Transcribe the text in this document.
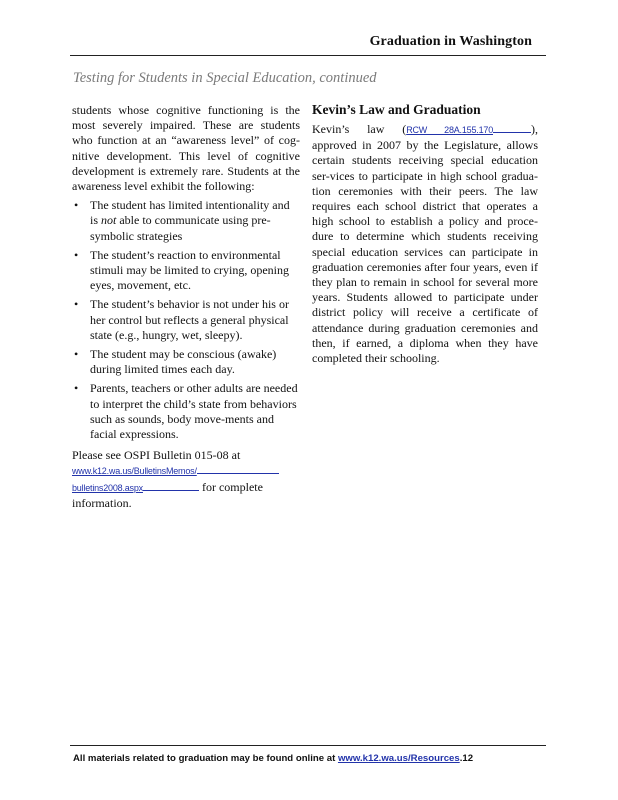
Graduation in Washington
Testing for Students in Special Education, continued

students whose cognitive functioning is the most severely impaired. These are students who function at an “awareness level” of cog-nitive development. This level of cognitive development is extremely rare. Students at the awareness level exhibit the following:

• The student has limited intentionality and is not able to communicate using pre-symbolic strategies
• The student’s reaction to environmental stimuli may be limited to crying, opening eyes, movement, etc.
• The student’s behavior is not under his or her control but reflects a general physical state (e.g., hungry, wet, sleepy).
• The student may be conscious (awake) during limited times each day.
• Parents, teachers or other adults are needed to interpret the child’s state from behaviors such as sounds, body move-ments and facial expressions.

Please see OSPI Bulletin 015-08 at
www.k12.wa.us/BulletinsMemos/
bulletins2008.aspx	for complete information.

Kevin’s Law and Graduation

Kevin’s law (RCW 28A.155.170	), approved in 2007 by the Legislature, allows certain students receiving special education ser-vices to participate in high school gradua-tion ceremonies with their peers. The law requires each school district that operates a high school to establish a policy and proce-dure to determine which students receiving special education services can participate in graduation ceremonies after four years, even if they plan to remain in school for several more years. Students allowed to participate under district policy will receive a certificate of attendance during graduation ceremonies and then, if earned, a diploma when they have completed their schooling.

All materials related to graduation may be found online at www.k12.wa.us/Resources.12
